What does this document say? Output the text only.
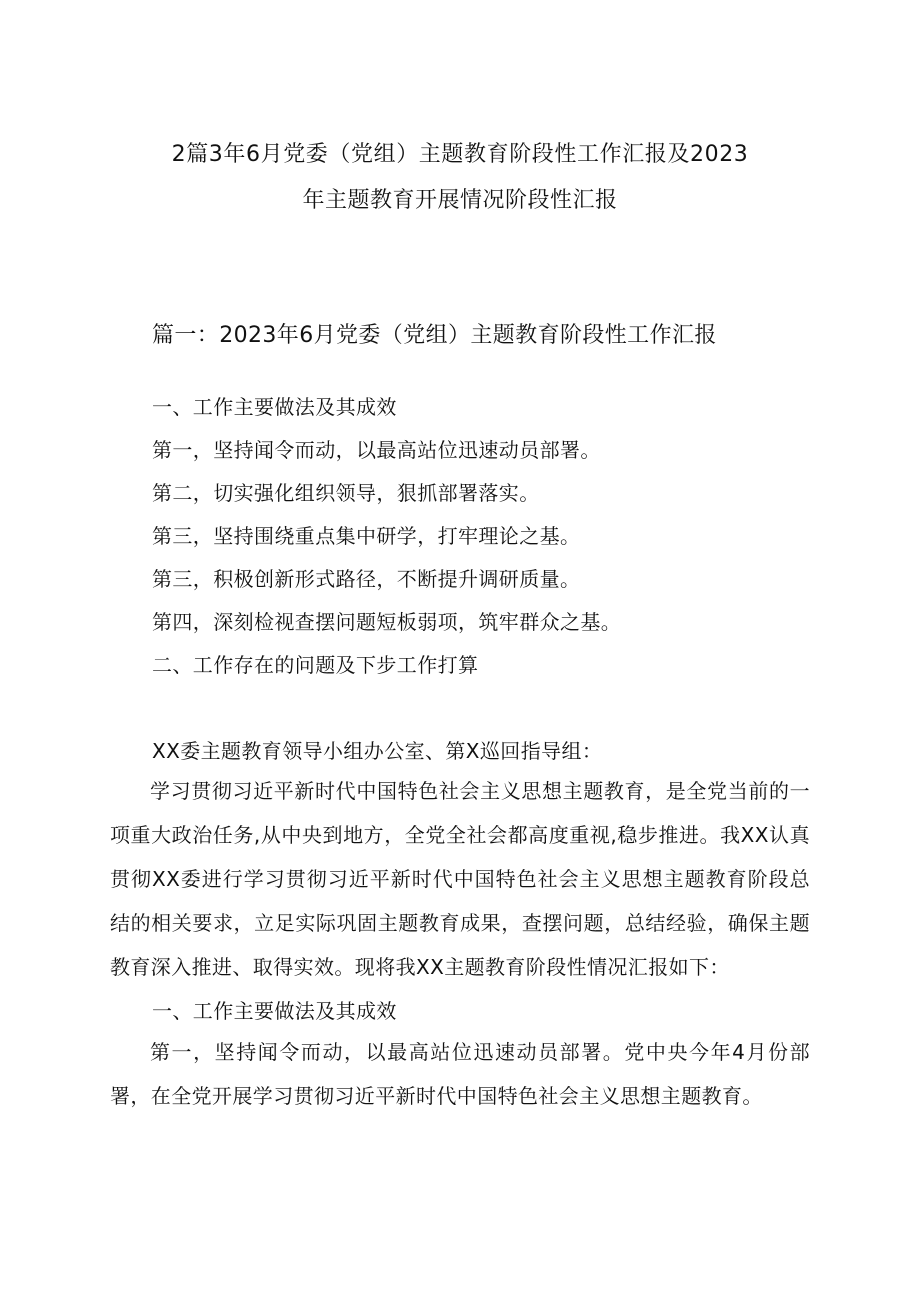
2篇3年6月党委（党组）主题教育阶段性工作汇报及2023
年主题教育开展情况阶段性汇报
篇一：2023年6月党委（党组）主题教育阶段性工作汇报
一、工作主要做法及其成效
第一，坚持闻令而动，以最高站位迅速动员部署。
第二，切实强化组织领导，狠抓部署落实。
第三，坚持围绕重点集中研学，打牢理论之基。
第三，积极创新形式路径，不断提升调研质量。
第四，深刻检视查摆问题短板弱项，筑牢群众之基。
二、工作存在的问题及下步工作打算
XX委主题教育领导小组办公室、第X巡回指导组：
学习贯彻习近平新时代中国特色社会主义思想主题教育，是全党当前的一项重大政治任务,从中央到地方，全党全社会都高度重视,稳步推进。我XX认真贯彻XX委进行学习贯彻习近平新时代中国特色社会主义思想主题教育阶段总结的相关要求，立足实际巩固主题教育成果，查摆问题，总结经验，确保主题教育深入推进、取得实效。现将我XX主题教育阶段性情况汇报如下：
一、工作主要做法及其成效
第一，坚持闻令而动，以最高站位迅速动员部署。党中央今年4月份部署，在全党开展学习贯彻习近平新时代中国特色社会主义思想主题教育。
